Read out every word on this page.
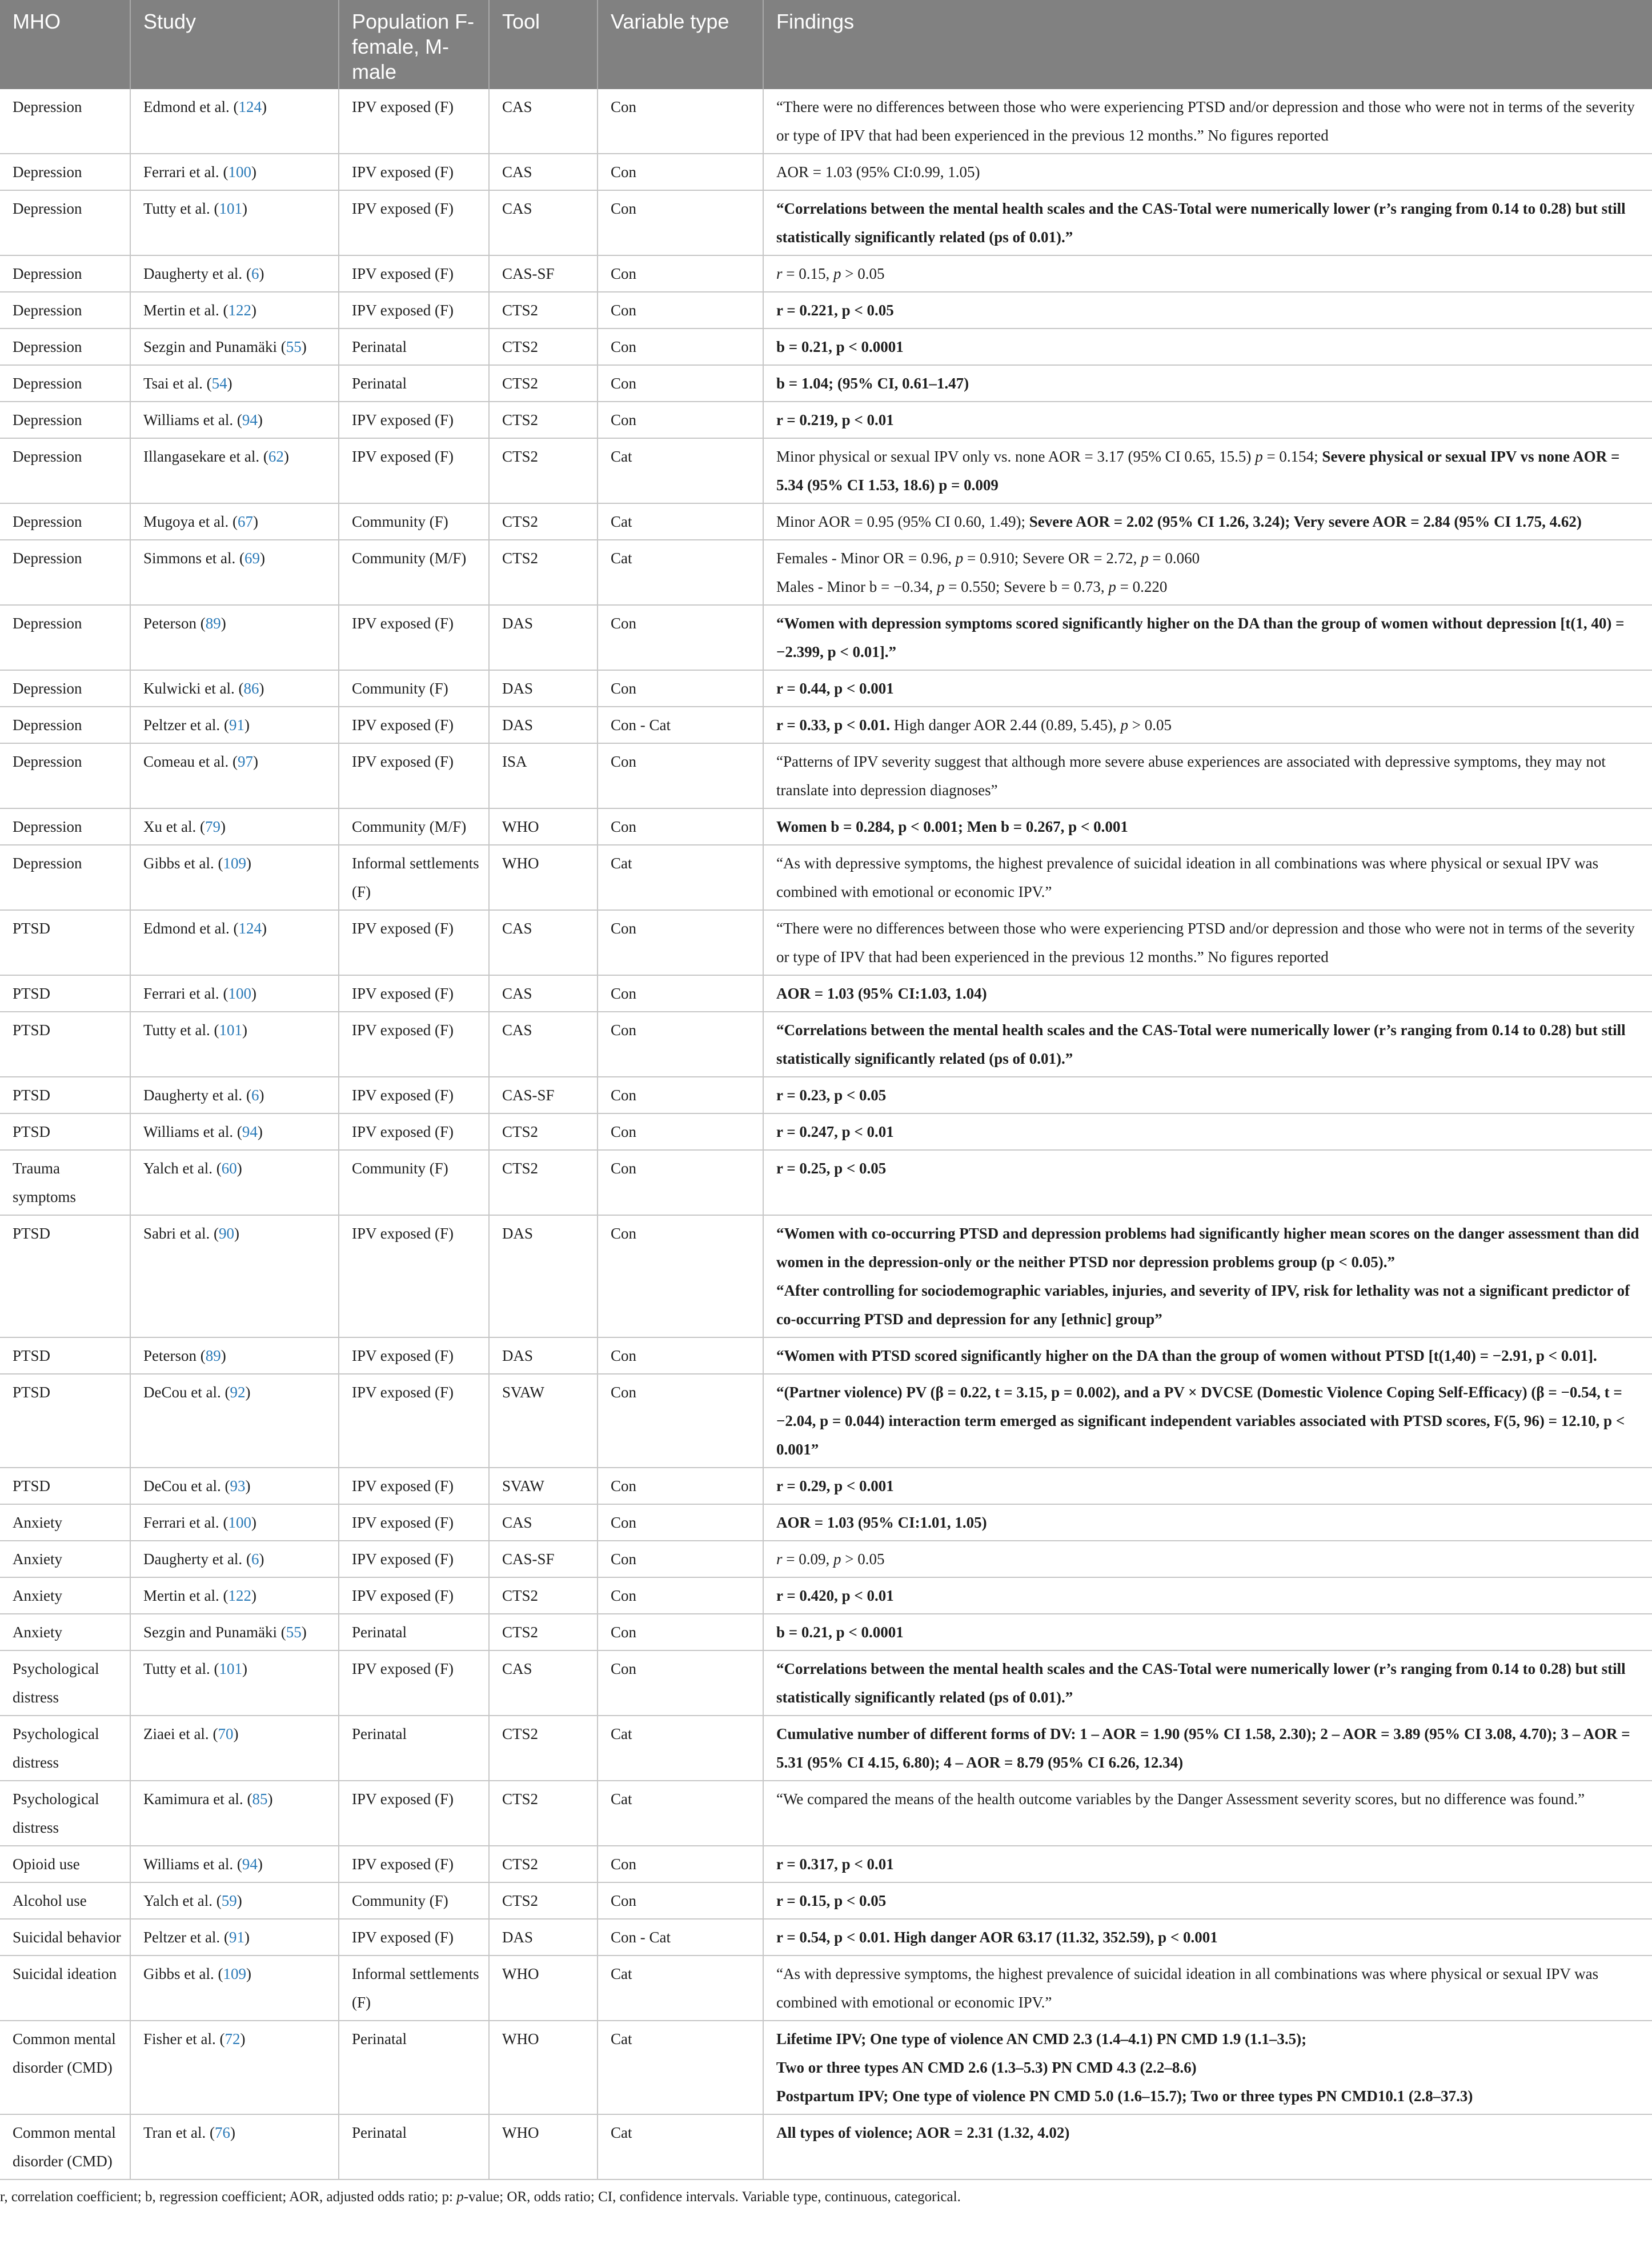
MHO	Study	Population F-female, M-male	Tool	Variable type	Findings
Depression	Edmond et al. (124)	IPV exposed (F)	CAS	Con	“There were no differences between those who were experiencing PTSD and/or depression and those who were not in terms of the severity or type of IPV that had been experienced in the previous 12 months.” No figures reported
Depression	Ferrari et al. (100)	IPV exposed (F)	CAS	Con	AOR = 1.03 (95% CI:0.99, 1.05)
Depression	Tutty et al. (101)	IPV exposed (F)	CAS	Con	“Correlations between the mental health scales and the CAS-Total were numerically lower (r’s ranging from 0.14 to 0.28) but still statistically significantly related (ps of 0.01).”
Depression	Daugherty et al. (6)	IPV exposed (F)	CAS-SF	Con	r = 0.15, p > 0.05
Depression	Mertin et al. (122)	IPV exposed (F)	CTS2	Con	r = 0.221, p < 0.05
Depression	Sezgin and Punamäki (55)	Perinatal	CTS2	Con	b = 0.21, p < 0.0001
Depression	Tsai et al. (54)	Perinatal	CTS2	Con	b = 1.04; (95% CI, 0.61–1.47)
Depression	Williams et al. (94)	IPV exposed (F)	CTS2	Con	r = 0.219, p < 0.01
Depression	Illangasekare et al. (62)	IPV exposed (F)	CTS2	Cat	Minor physical or sexual IPV only vs. none AOR = 3.17 (95% CI 0.65, 15.5) p = 0.154; Severe physical or sexual IPV vs none AOR = 5.34 (95% CI 1.53, 18.6) p = 0.009
Depression	Mugoya et al. (67)	Community (F)	CTS2	Cat	Minor AOR = 0.95 (95% CI 0.60, 1.49); Severe AOR = 2.02 (95% CI 1.26, 3.24); Very severe AOR = 2.84 (95% CI 1.75, 4.62)
Depression	Simmons et al. (69)	Community (M/F)	CTS2	Cat	Females - Minor OR = 0.96, p = 0.910; Severe OR = 2.72, p = 0.060
Males - Minor b = −0.34, p = 0.550; Severe b = 0.73, p = 0.220
Depression	Peterson (89)	IPV exposed (F)	DAS	Con	“Women with depression symptoms scored significantly higher on the DA than the group of women without depression [t(1, 40) = −2.399, p < 0.01].”
Depression	Kulwicki et al. (86)	Community (F)	DAS	Con	r = 0.44, p < 0.001
Depression	Peltzer et al. (91)	IPV exposed (F)	DAS	Con - Cat	r = 0.33, p < 0.01. High danger AOR 2.44 (0.89, 5.45), p > 0.05
Depression	Comeau et al. (97)	IPV exposed (F)	ISA	Con	“Patterns of IPV severity suggest that although more severe abuse experiences are associated with depressive symptoms, they may not translate into depression diagnoses”
Depression	Xu et al. (79)	Community (M/F)	WHO	Con	Women b = 0.284, p < 0.001; Men b = 0.267, p < 0.001
Depression	Gibbs et al. (109)	Informal settlements (F)	WHO	Cat	“As with depressive symptoms, the highest prevalence of suicidal ideation in all combinations was where physical or sexual IPV was combined with emotional or economic IPV.”
PTSD	Edmond et al. (124)	IPV exposed (F)	CAS	Con	“There were no differences between those who were experiencing PTSD and/or depression and those who were not in terms of the severity or type of IPV that had been experienced in the previous 12 months.” No figures reported
PTSD	Ferrari et al. (100)	IPV exposed (F)	CAS	Con	AOR = 1.03 (95% CI:1.03, 1.04)
PTSD	Tutty et al. (101)	IPV exposed (F)	CAS	Con	“Correlations between the mental health scales and the CAS-Total were numerically lower (r’s ranging from 0.14 to 0.28) but still statistically significantly related (ps of 0.01).”
PTSD	Daugherty et al. (6)	IPV exposed (F)	CAS-SF	Con	r = 0.23, p < 0.05
PTSD	Williams et al. (94)	IPV exposed (F)	CTS2	Con	r = 0.247, p < 0.01
Trauma symptoms	Yalch et al. (60)	Community (F)	CTS2	Con	r = 0.25, p < 0.05
PTSD	Sabri et al. (90)	IPV exposed (F)	DAS	Con	“Women with co-occurring PTSD and depression problems had significantly higher mean scores on the danger assessment than did women in the depression-only or the neither PTSD nor depression problems group (p < 0.05).”
“After controlling for sociodemographic variables, injuries, and severity of IPV, risk for lethality was not a significant predictor of co-occurring PTSD and depression for any [ethnic] group”
PTSD	Peterson (89)	IPV exposed (F)	DAS	Con	“Women with PTSD scored significantly higher on the DA than the group of women without PTSD [t(1,40) = −2.91, p < 0.01].
PTSD	DeCou et al. (92)	IPV exposed (F)	SVAW	Con	“(Partner violence) PV (β = 0.22, t = 3.15, p = 0.002), and a PV × DVCSE (Domestic Violence Coping Self-Efficacy) (β = −0.54, t = −2.04, p = 0.044) interaction term emerged as significant independent variables associated with PTSD scores, F(5, 96) = 12.10, p < 0.001”
PTSD	DeCou et al. (93)	IPV exposed (F)	SVAW	Con	r = 0.29, p < 0.001
Anxiety	Ferrari et al. (100)	IPV exposed (F)	CAS	Con	AOR = 1.03 (95% CI:1.01, 1.05)
Anxiety	Daugherty et al. (6)	IPV exposed (F)	CAS-SF	Con	r = 0.09, p > 0.05
Anxiety	Mertin et al. (122)	IPV exposed (F)	CTS2	Con	r = 0.420, p < 0.01
Anxiety	Sezgin and Punamäki (55)	Perinatal	CTS2	Con	b = 0.21, p < 0.0001
Psychological distress	Tutty et al. (101)	IPV exposed (F)	CAS	Con	“Correlations between the mental health scales and the CAS-Total were numerically lower (r’s ranging from 0.14 to 0.28) but still statistically significantly related (ps of 0.01).”
Psychological distress	Ziaei et al. (70)	Perinatal	CTS2	Cat	Cumulative number of different forms of DV: 1 – AOR = 1.90 (95% CI 1.58, 2.30); 2 – AOR = 3.89 (95% CI 3.08, 4.70); 3 – AOR = 5.31 (95% CI 4.15, 6.80); 4 – AOR = 8.79 (95% CI 6.26, 12.34)
Psychological distress	Kamimura et al. (85)	IPV exposed (F)	CTS2	Cat	“We compared the means of the health outcome variables by the Danger Assessment severity scores, but no difference was found.”
Opioid use	Williams et al. (94)	IPV exposed (F)	CTS2	Con	r = 0.317, p < 0.01
Alcohol use	Yalch et al. (59)	Community (F)	CTS2	Con	r = 0.15, p < 0.05
Suicidal behavior	Peltzer et al. (91)	IPV exposed (F)	DAS	Con - Cat	r = 0.54, p < 0.01. High danger AOR 63.17 (11.32, 352.59), p < 0.001
Suicidal ideation	Gibbs et al. (109)	Informal settlements (F)	WHO	Cat	“As with depressive symptoms, the highest prevalence of suicidal ideation in all combinations was where physical or sexual IPV was combined with emotional or economic IPV.”
Common mental disorder (CMD)	Fisher et al. (72)	Perinatal	WHO	Cat	Lifetime IPV; One type of violence AN CMD 2.3 (1.4–4.1) PN CMD 1.9 (1.1–3.5);
Two or three types AN CMD 2.6 (1.3–5.3) PN CMD 4.3 (2.2–8.6)
Postpartum IPV; One type of violence PN CMD 5.0 (1.6–15.7); Two or three types PN CMD10.1 (2.8–37.3)
Common mental disorder (CMD)	Tran et al. (76)	Perinatal	WHO	Cat	All types of violence; AOR = 2.31 (1.32, 4.02)
r, correlation coefficient; b, regression coefficient; AOR, adjusted odds ratio; p: p-value; OR, odds ratio; CI, confidence intervals. Variable type, continuous, categorical.
